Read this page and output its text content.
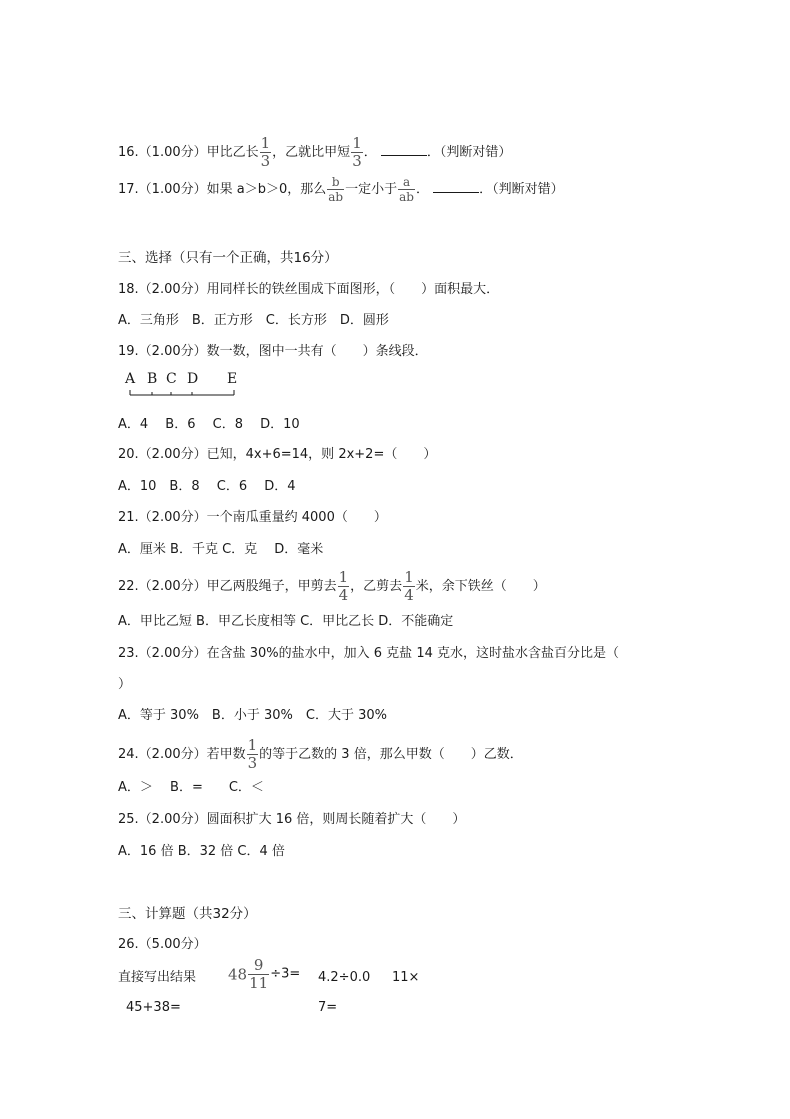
16.（1.00分）甲比乙长 $\frac{1}{3}$ ，乙就比甲短 $\frac{1}{3}$ ．	．（判断对错）
17.（1.00分）如果 a＞b＞0，那么 $\frac{b}{ab}$ 一定小于 $\frac{a}{ab}$ ．	．（判断对错）
三、选择（只有一个正确，共16分）
18.（2.00分）用同样长的铁丝围成下面图形，（　　）面积最大．
A．三角形　B．正方形　C．长方形　D．圆形
19.（2.00分）数一数，图中一共有（　　）条线段．
A B C D E
A．4　 B．6　 C．8　 D．10
20.（2.00分）已知，4x+6=14，则 2x+2=（　　）
A．10　B．8　 C．6　 D．4
21.（2.00分）一个南瓜重量约 4000（　　）
A．厘米 B．千克 C．克　 D．毫米
22.（2.00分）甲乙两股绳子，甲剪去 $\frac{1}{4}$ ，乙剪去 $\frac{1}{4}$ 米，余下铁丝（　　）
A．甲比乙短 B．甲乙长度相等 C．甲比乙长 D．不能确定
23.（2.00分）在含盐 30%的盐水中，加入 6 克盐 14 克水，这时盐水含盐百分比是（
）
A．等于 30%　B．小于 30%　C．大于 30%
24.（2.00分）若甲数 $\frac{1}{3}$ 的等于乙数的 3 倍，那么甲数（　　）乙数．
A．＞　 B．=　　C．＜
25.（2.00分）圆面积扩大 16 倍，则周长随着扩大（　　）
A．16 倍 B．32 倍 C．4 倍
三、计算题（共32分）
26.（5.00分）
直接写出结果 $48 \frac{9}{11} \div 3= 4.2\div 0.0$ 11×
45+38=	7=
